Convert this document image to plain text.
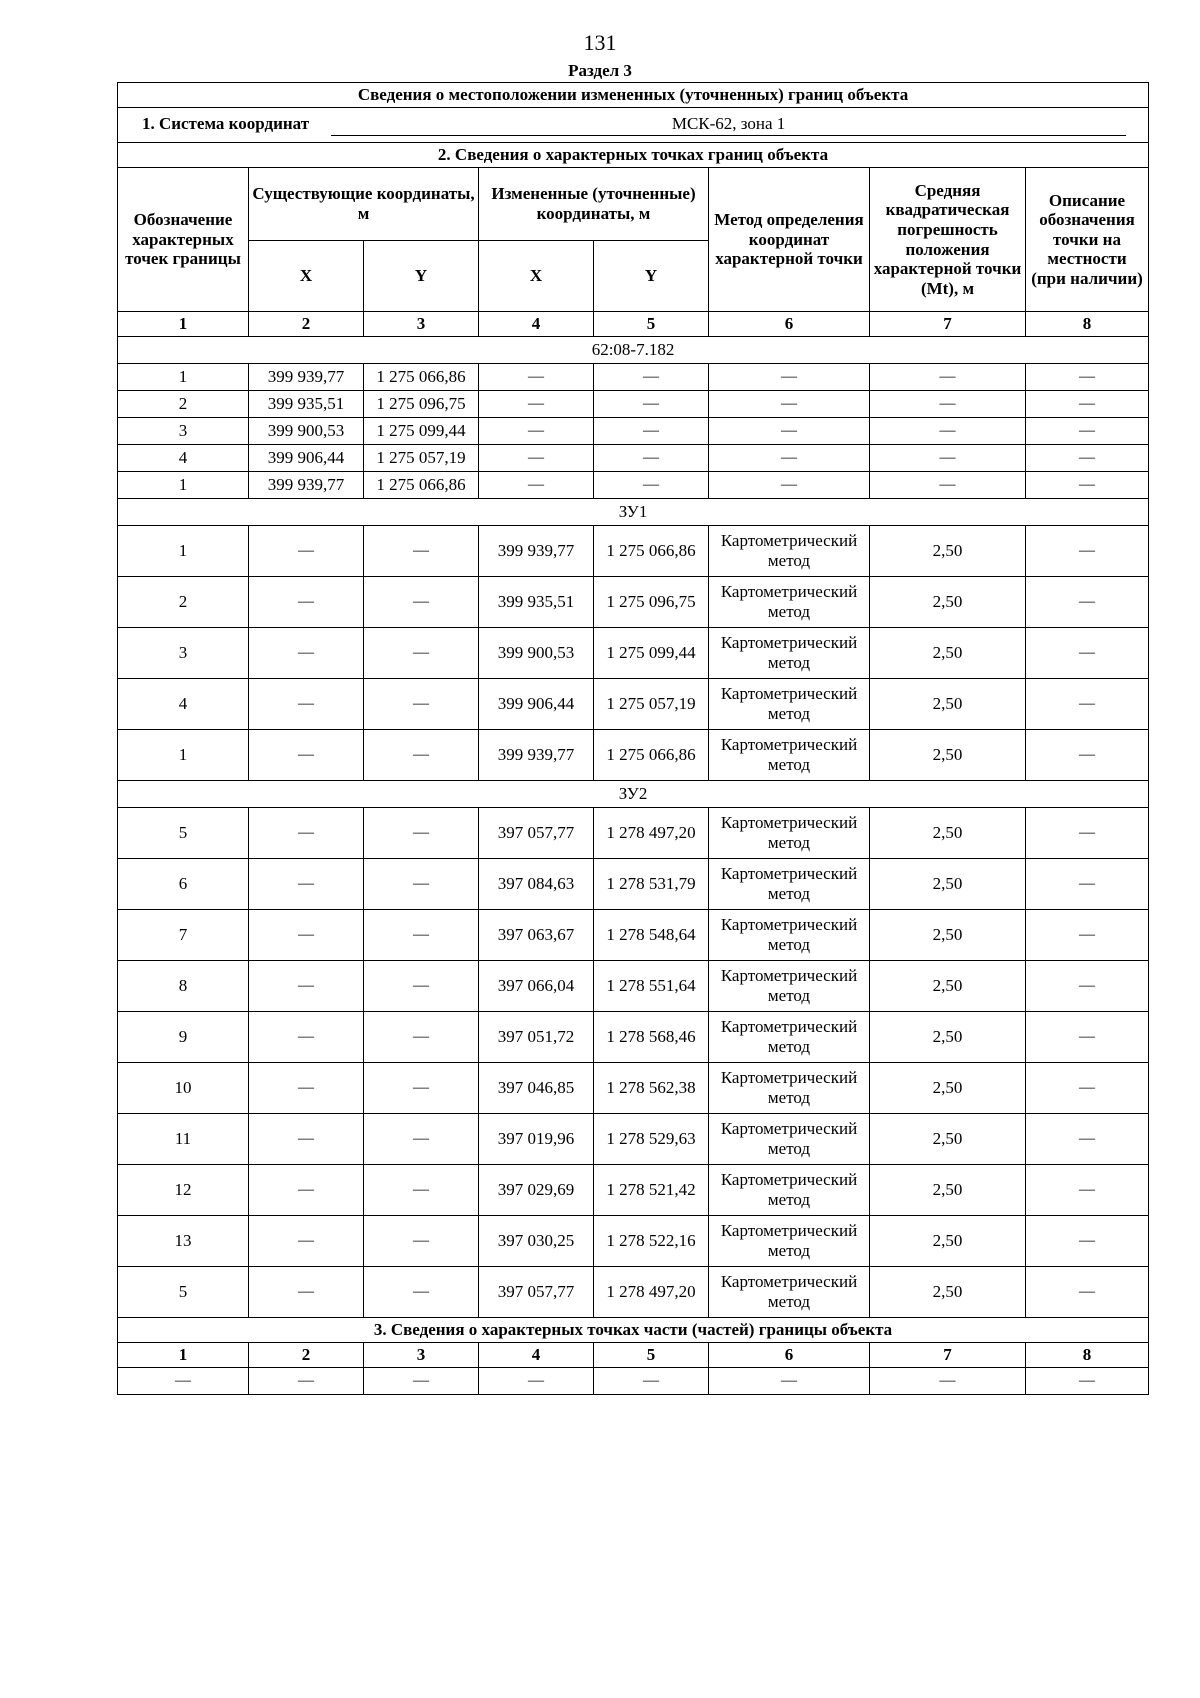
131
Раздел 3
Сведения о местоположении измененных (уточненных) границ объекта							
1. Система координат МСК-62, зона 1							
2. Сведения о характерных точках границ объекта							
Обозначение характерных точек границы	Существующие координаты, м		Измененные (уточненные) координаты, м		Метод определения координат характерной точки	Средняя квадратическая погрешность положения характерной точки (Mt), м	Описание обозначения точки на местности (при наличии)
	X	Y	X	Y			
1	2	3	4	5	6	7	8
62:08-7.182							
1	399 939,77	1 275 066,86	—	—	—	—	—
2	399 935,51	1 275 096,75	—	—	—	—	—
3	399 900,53	1 275 099,44	—	—	—	—	—
4	399 906,44	1 275 057,19	—	—	—	—	—
1	399 939,77	1 275 066,86	—	—	—	—	—
ЗУ1							
1	—	—	399 939,77	1 275 066,86	Картометрический метод	2,50	—
2	—	—	399 935,51	1 275 096,75	Картометрический метод	2,50	—
3	—	—	399 900,53	1 275 099,44	Картометрический метод	2,50	—
4	—	—	399 906,44	1 275 057,19	Картометрический метод	2,50	—
1	—	—	399 939,77	1 275 066,86	Картометрический метод	2,50	—
ЗУ2							
5	—	—	397 057,77	1 278 497,20	Картометрический метод	2,50	—
6	—	—	397 084,63	1 278 531,79	Картометрический метод	2,50	—
7	—	—	397 063,67	1 278 548,64	Картометрический метод	2,50	—
8	—	—	397 066,04	1 278 551,64	Картометрический метод	2,50	—
9	—	—	397 051,72	1 278 568,46	Картометрический метод	2,50	—
10	—	—	397 046,85	1 278 562,38	Картометрический метод	2,50	—
11	—	—	397 019,96	1 278 529,63	Картометрический метод	2,50	—
12	—	—	397 029,69	1 278 521,42	Картометрический метод	2,50	—
13	—	—	397 030,25	1 278 522,16	Картометрический метод	2,50	—
5	—	—	397 057,77	1 278 497,20	Картометрический метод	2,50	—
3. Сведения о характерных точках части (частей) границы объекта							
1	2	3	4	5	6	7	8
—	—	—	—	—	—	—	—
